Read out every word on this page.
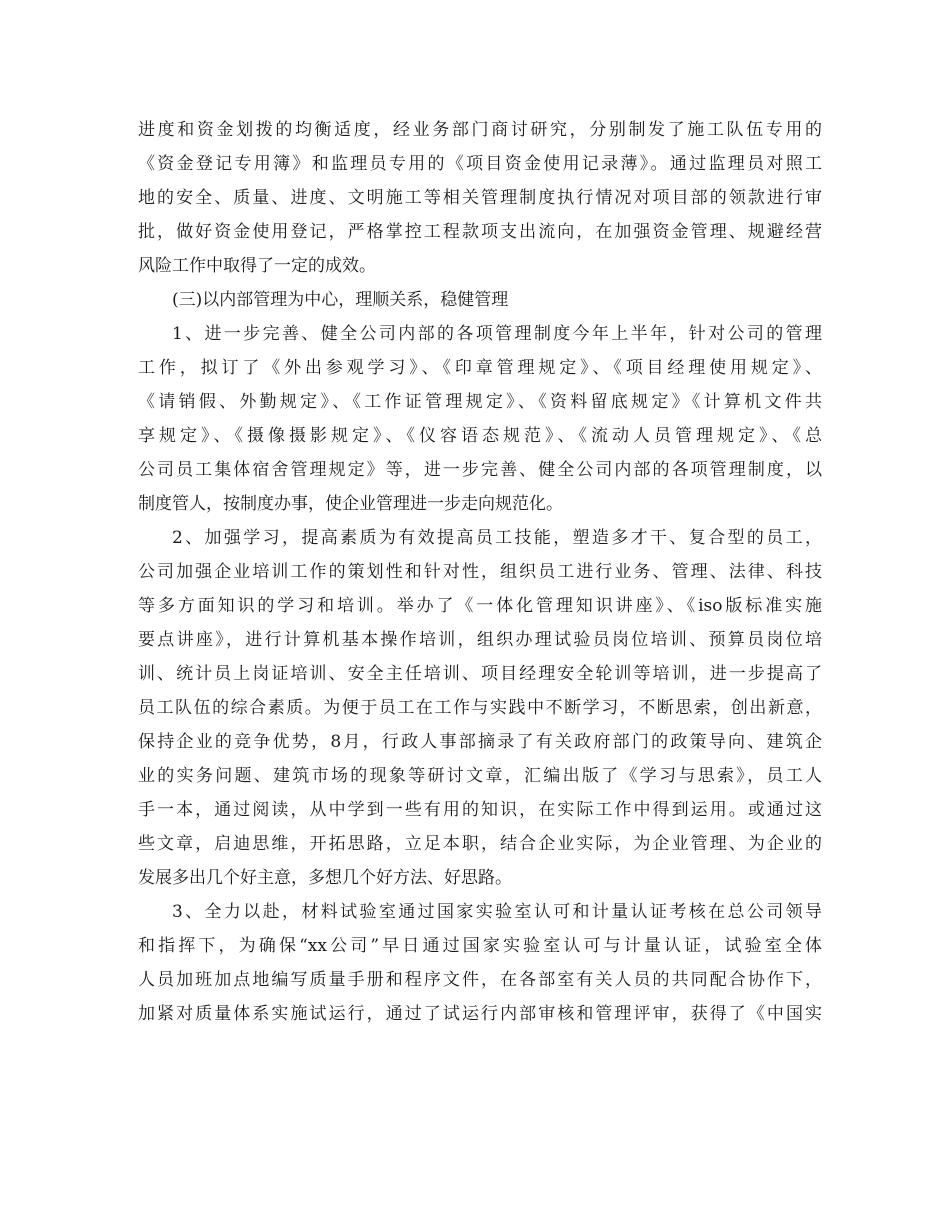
进度和资金划拨的均衡适度，经业务部门商讨研究，分别制发了施工队伍专用的
《资金登记专用簿》和监理员专用的《项目资金使用记录薄》。通过监理员对照工
地的安全、质量、进度、文明施工等相关管理制度执行情况对项目部的领款进行审
批，做好资金使用登记，严格掌控工程款项支出流向，在加强资金管理、规避经营
风险工作中取得了一定的成效。
(三)以内部管理为中心，理顺关系，稳健管理
1、进一步完善、健全公司内部的各项管理制度今年上半年，针对公司的管理
工作，拟订了《外出参观学习》、《印章管理规定》、《项目经理使用规定》、
《请销假、外勤规定》、《工作证管理规定》、《资料留底规定》《计算机文件共
享规定》、《摄像摄影规定》、《仪容语态规范》、《流动人员管理规定》、《总
公司员工集体宿舍管理规定》等，进一步完善、健全公司内部的各项管理制度，以
制度管人，按制度办事，使企业管理进一步走向规范化。
2、加强学习，提高素质为有效提高员工技能，塑造多才干、复合型的员工，
公司加强企业培训工作的策划性和针对性，组织员工进行业务、管理、法律、科技
等多方面知识的学习和培训。举办了《一体化管理知识讲座》、《iso版标准实施
要点讲座》，进行计算机基本操作培训，组织办理试验员岗位培训、预算员岗位培
训、统计员上岗证培训、安全主任培训、项目经理安全轮训等培训，进一步提高了
员工队伍的综合素质。为便于员工在工作与实践中不断学习，不断思索，创出新意，
保持企业的竞争优势，8月，行政人事部摘录了有关政府部门的政策导向、建筑企
业的实务问题、建筑市场的现象等研讨文章，汇编出版了《学习与思索》，员工人
手一本，通过阅读，从中学到一些有用的知识，在实际工作中得到运用。或通过这
些文章，启迪思维，开拓思路，立足本职，结合企业实际，为企业管理、为企业的
发展多出几个好主意，多想几个好方法、好思路。
3、全力以赴，材料试验室通过国家实验室认可和计量认证考核在总公司领导
和指挥下，为确保“xx公司”早日通过国家实验室认可与计量认证，试验室全体
人员加班加点地编写质量手册和程序文件，在各部室有关人员的共同配合协作下，
加紧对质量体系实施试运行，通过了试运行内部审核和管理评审，获得了《中国实
